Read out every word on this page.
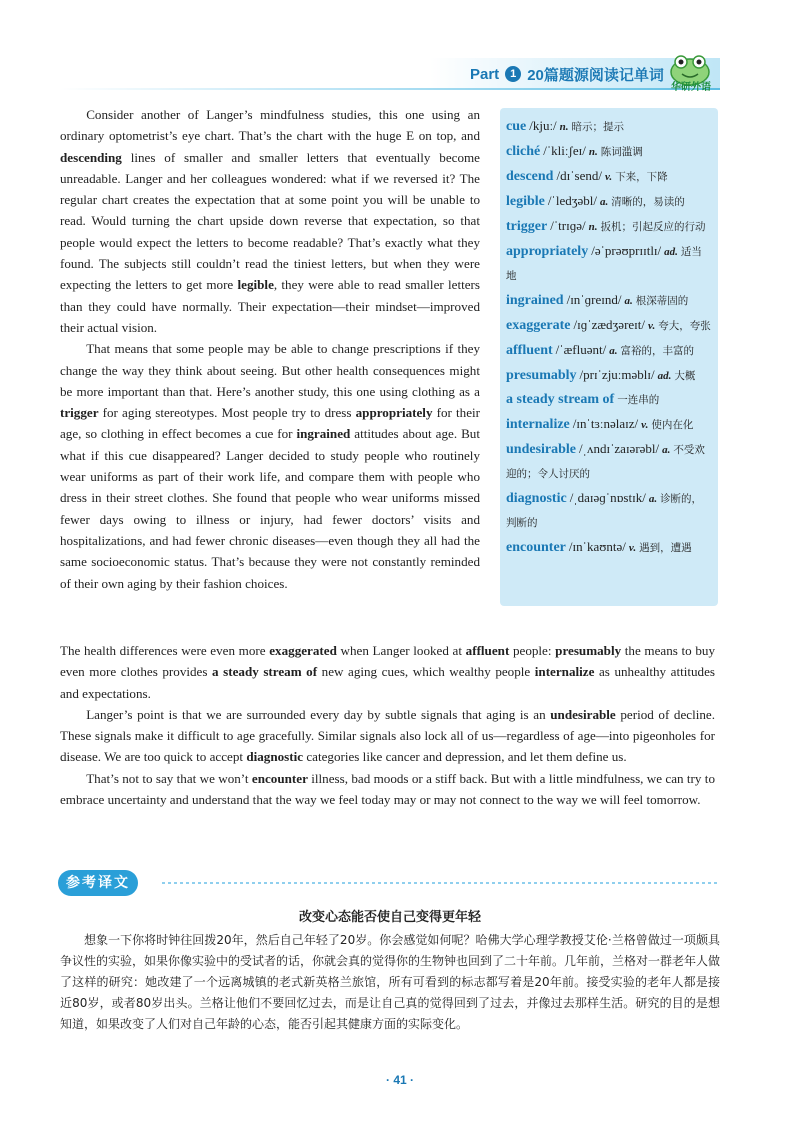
Part 1 20篇题源阅读记单词
华研外语

Consider another of Langer’s mindfulness studies, this one using an ordinary optometrist’s eye chart. That’s the chart with the huge E on top, and descending lines of smaller and smaller letters that eventually become unreadable. Langer and her colleagues wondered: what if we reversed it? The regular chart creates the expectation that at some point you will be unable to read. Would turning the chart upside down reverse that expectation, so that people would expect the letters to become readable? That’s exactly what they found. The subjects still couldn’t read the tiniest letters, but when they were expecting the letters to get more legible, they were able to read smaller letters than they could have normally. Their expectation—their mindset—improved their actual vision.

That means that some people may be able to change prescriptions if they change the way they think about seeing. But other health consequences might be more important than that. Here’s another study, this one using clothing as a trigger for aging stereotypes. Most people try to dress appropriately for their age, so clothing in effect becomes a cue for ingrained attitudes about age. But what if this cue disappeared? Langer decided to study people who routinely wear uniforms as part of their work life, and compare them with people who dress in their street clothes. She found that people who wear uniforms missed fewer days owing to illness or injury, had fewer doctors’ visits and hospitalizations, and had fewer chronic diseases—even though they all had the same socioeconomic status. That’s because they were not constantly reminded of their own aging by their fashion choices.

cue /kjuː/ n. 暗示；提示
cliché /ˈkliːʃeɪ/ n. 陈词滥调
descend /dɪˈsend/ v. 下来，下降
legible /ˈledʒəbl/ a. 清晰的，易读的
trigger /ˈtrɪɡə/ n. 扳机；引起反应的行动
appropriately /əˈprəʊprɪɪtlɪ/ ad. 适当地
ingrained /ɪnˈɡreɪnd/ a. 根深蒂固的
exaggerate /ɪɡˈzædʒəreɪt/ v. 夸大，夸张
affluent /ˈæfluənt/ a. 富裕的，丰富的
presumably /prɪˈzjuːməblɪ/ ad. 大概
a steady stream of 一连串的
internalize /ɪnˈtɜːnəlaɪz/ v. 使内在化
undesirable /ˌʌndɪˈzaɪərəbl/ a. 不受欢迎的；令人讨厌的
diagnostic /ˌdaɪəɡˈnɒstɪk/ a. 诊断的，判断的
encounter /ɪnˈkaʊntə/ v. 遇到，遭遇

The health differences were even more exaggerated when Langer looked at affluent people: presumably the means to buy even more clothes provides a steady stream of new aging cues, which wealthy people internalize as unhealthy attitudes and expectations.

Langer’s point is that we are surrounded every day by subtle signals that aging is an undesirable period of decline. These signals make it difficult to age gracefully. Similar signals also lock all of us—regardless of age—into pigeonholes for disease. We are too quick to accept diagnostic categories like cancer and depression, and let them define us.

That’s not to say that we won’t encounter illness, bad moods or a stiff back. But with a little mindfulness, we can try to embrace uncertainty and understand that the way we feel today may or may not connect to the way we will feel tomorrow.

参考译文
改变心态能否使自己变得更年轻

想象一下你将时钟往回拨20年，然后自己年轻了20岁。你会感觉如何呢？哈佛大学心理学教授艾伦·兰格曾做过一项颇具争议性的实验，如果你像实验中的受试者的话，你就会真的觉得你的生物钟也回到了二十年前。几年前，兰格对一群老年人做了这样的研究：她改建了一个远离城镇的老式新英格兰旅馆，所有可看到的标志都写着是20年前。接受实验的老年人都是接近80岁，或者80岁出头。兰格让他们不要回忆过去，而是让自己真的觉得回到了过去，并像过去那样生活。研究的目的是想知道，如果改变了人们对自己年龄的心态，能否引起其健康方面的实际变化。

· 41 ·
